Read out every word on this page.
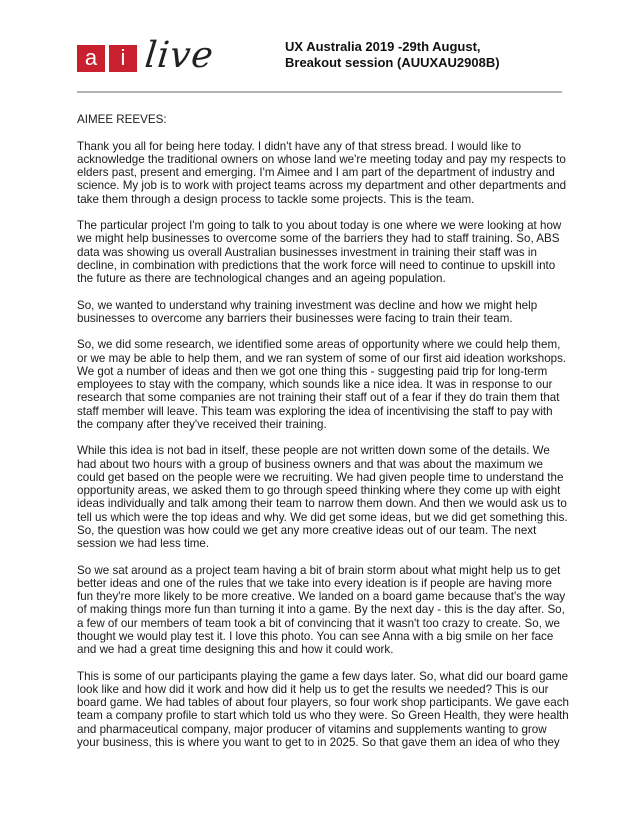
a	i live	UX Australia 2019 -29th August,
Breakout session (AUUXAU2908B)

AIMEE REEVES:

Thank you all for being here today. I didn't have any of that stress bread. I would like to
acknowledge the traditional owners on whose land we're meeting today and pay my respects to
elders past, present and emerging. I'm Aimee and I am part of the department of industry and
science. My job is to work with project teams across my department and other departments and
take them through a design process to tackle some projects. This is the team.

The particular project I'm going to talk to you about today is one where we were looking at how
we might help businesses to overcome some of the barriers they had to staff training. So, ABS
data was showing us overall Australian businesses investment in training their staff was in
decline, in combination with predictions that the work force will need to continue to upskill into
the future as there are technological changes and an ageing population.

So, we wanted to understand why training investment was decline and how we might help
businesses to overcome any barriers their businesses were facing to train their team.

So, we did some research, we identified some areas of opportunity where we could help them,
or we may be able to help them, and we ran system of some of our first aid ideation workshops.
We got a number of ideas and then we got one thing this - suggesting paid trip for long-term
employees to stay with the company, which sounds like a nice idea. It was in response to our
research that some companies are not training their staff out of a fear if they do train them that
staff member will leave. This team was exploring the idea of incentivising the staff to pay with
the company after they've received their training.

While this idea is not bad in itself, these people are not written down some of the details. We
had about two hours with a group of business owners and that was about the maximum we
could get based on the people were we recruiting. We had given people time to understand the
opportunity areas, we asked them to go through speed thinking where they come up with eight
ideas individually and talk among their team to narrow them down. And then we would ask us to
tell us which were the top ideas and why. We did get some ideas, but we did get something this.
So, the question was how could we get any more creative ideas out of our team. The next
session we had less time.

So we sat around as a project team having a bit of brain storm about what might help us to get
better ideas and one of the rules that we take into every ideation is if people are having more
fun they're more likely to be more creative. We landed on a board game because that's the way
of making things more fun than turning it into a game. By the next day - this is the day after. So,
a few of our members of team took a bit of convincing that it wasn't too crazy to create. So, we
thought we would play test it. I love this photo. You can see Anna with a big smile on her face
and we had a great time designing this and how it could work.

This is some of our participants playing the game a few days later. So, what did our board game
look like and how did it work and how did it help us to get the results we needed? This is our
board game. We had tables of about four players, so four work shop participants. We gave each
team a company profile to start which told us who they were. So Green Health, they were health
and pharmaceutical company, major producer of vitamins and supplements wanting to grow
your business, this is where you want to get to in 2025. So that gave them an idea of who they
